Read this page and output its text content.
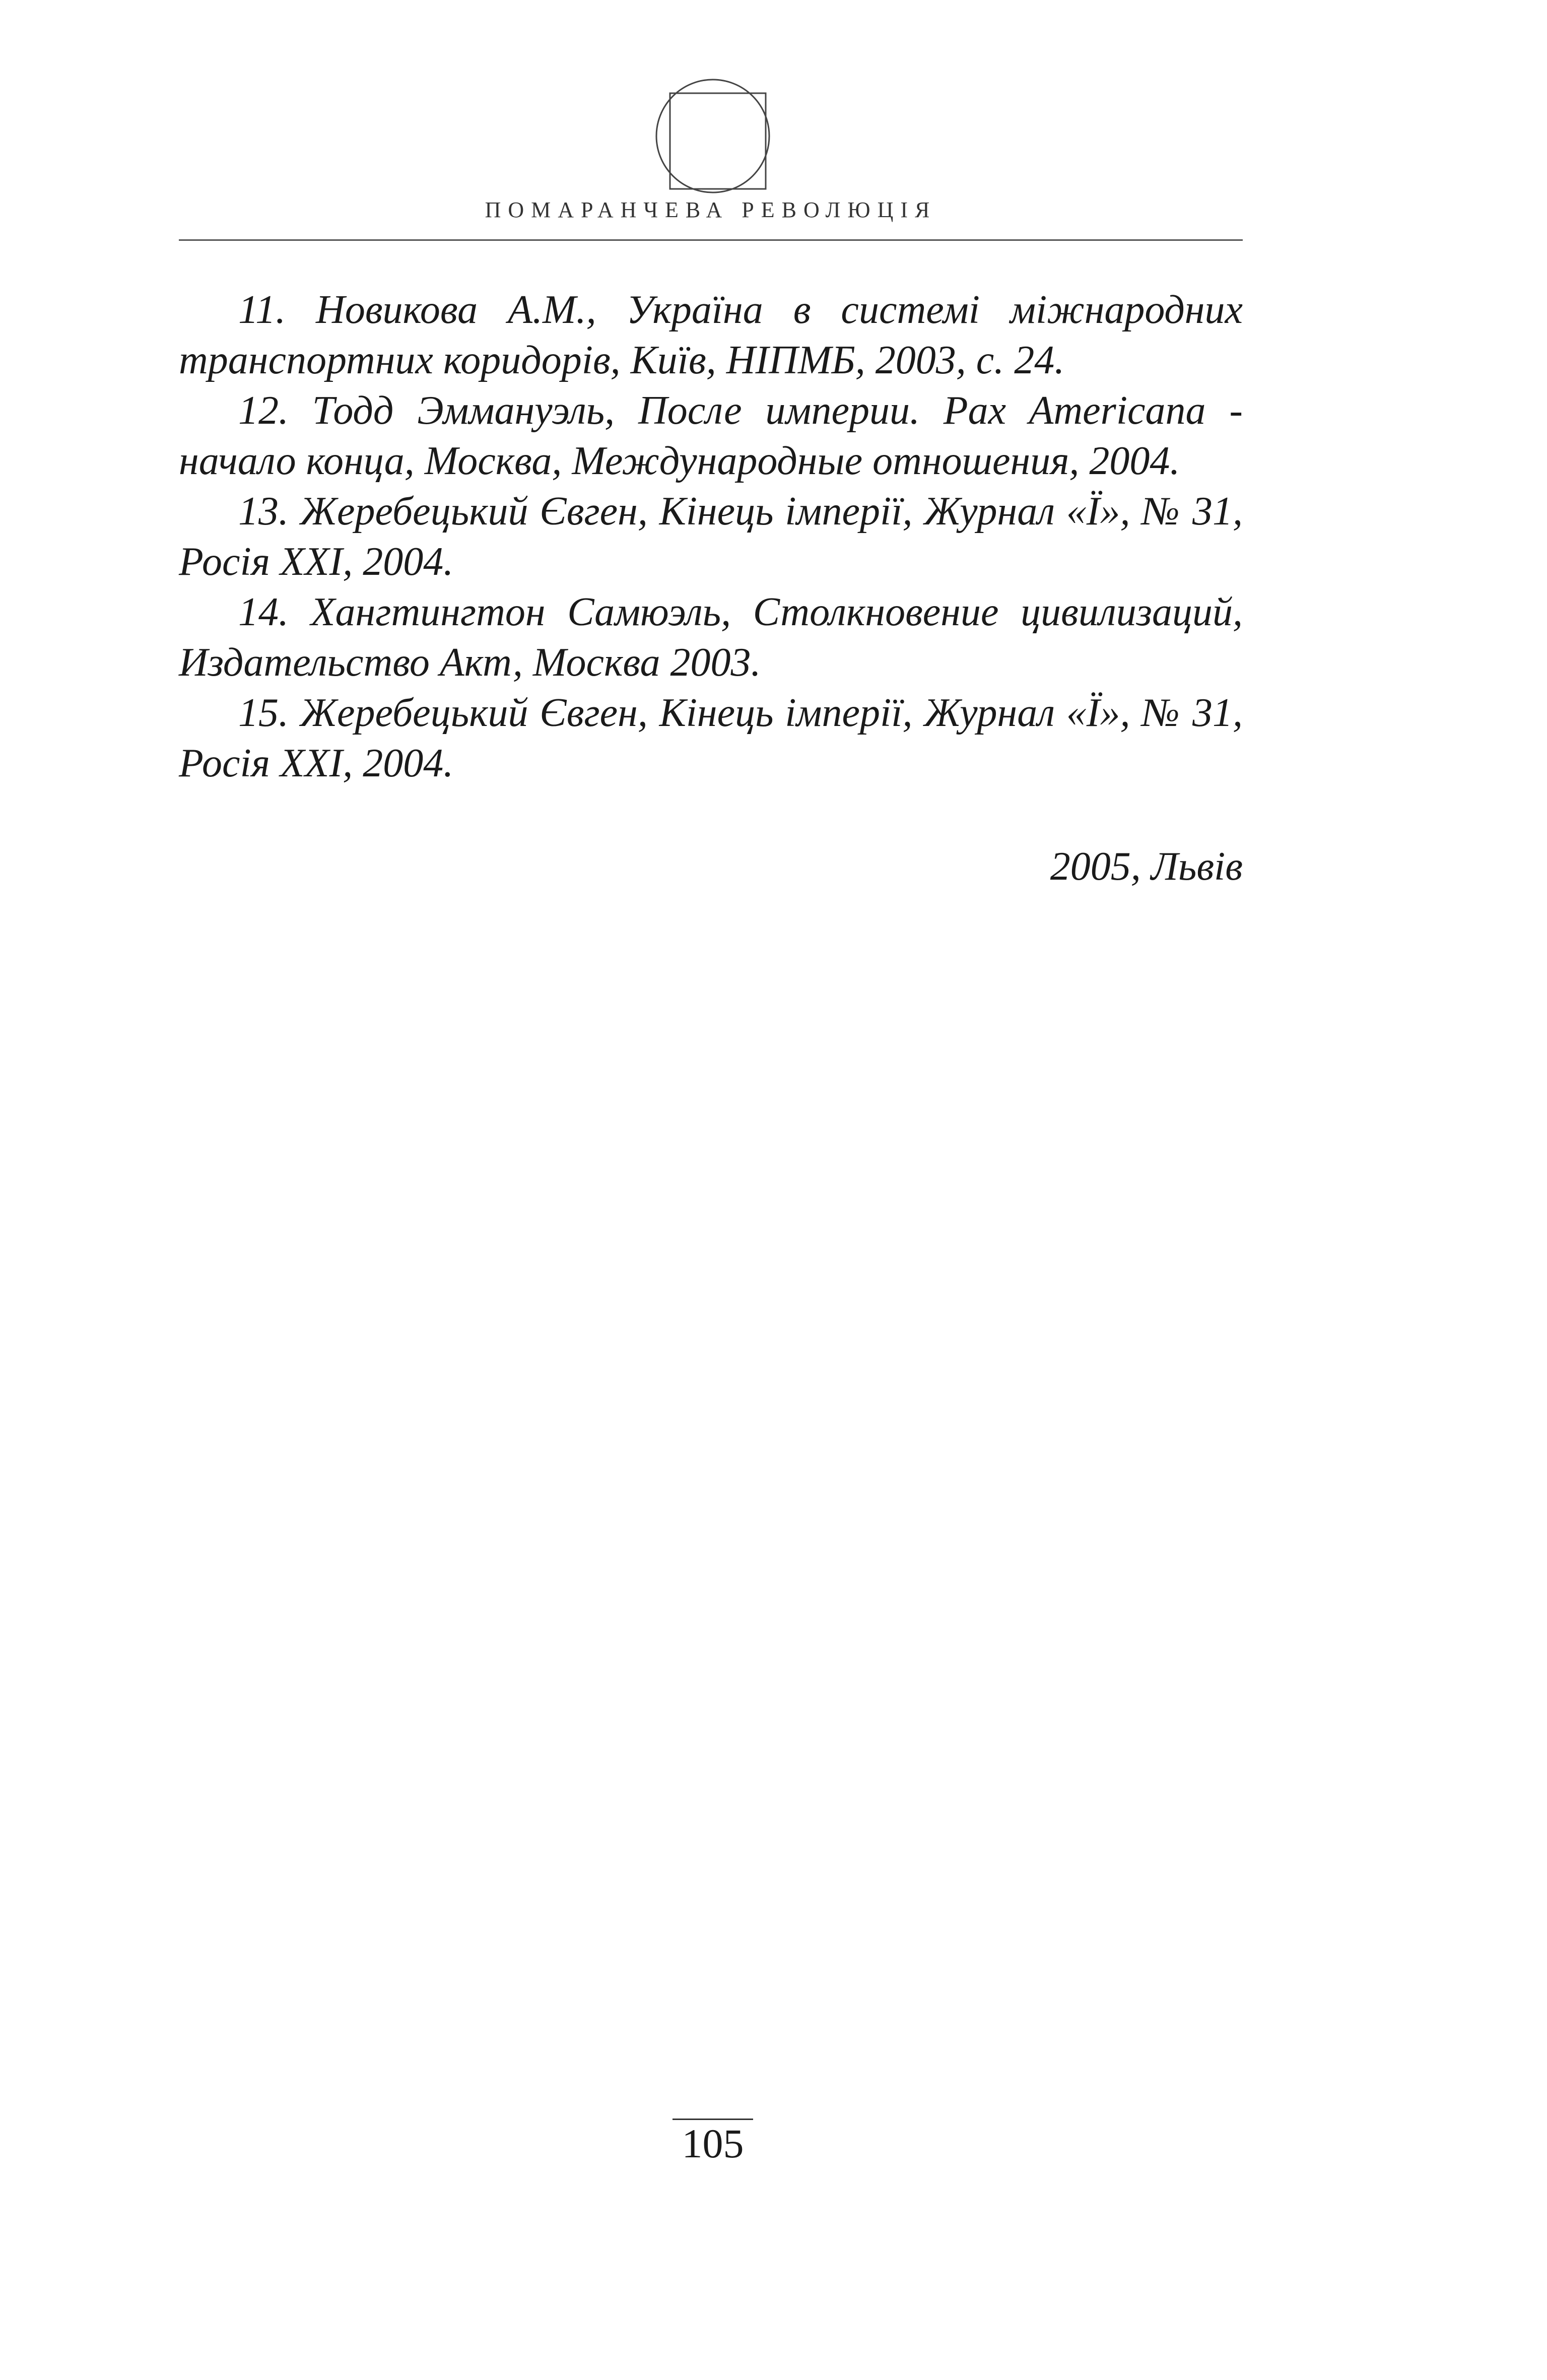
ПОМАРАНЧЕВА РЕВОЛЮЦІЯ
11. Новикова А.М., Україна в системі міжнародних транспортних коридорів, Київ, НІПМБ, 2003, с. 24.
12. Тодд Эммануэль, После империи. Pax Americana - начало конца, Москва, Международные отношения, 2004.
13. Жеребецький Євген, Кінець імперії, Журнал «Ї», № 31, Росія XXI, 2004.
14. Хангтингтон Самюэль, Столкновение цивилизаций, Издательство Акт, Москва 2003.
15. Жеребецький Євген, Кінець імперії, Журнал «Ї», № 31, Росія XXI, 2004.
2005, Львів
105
